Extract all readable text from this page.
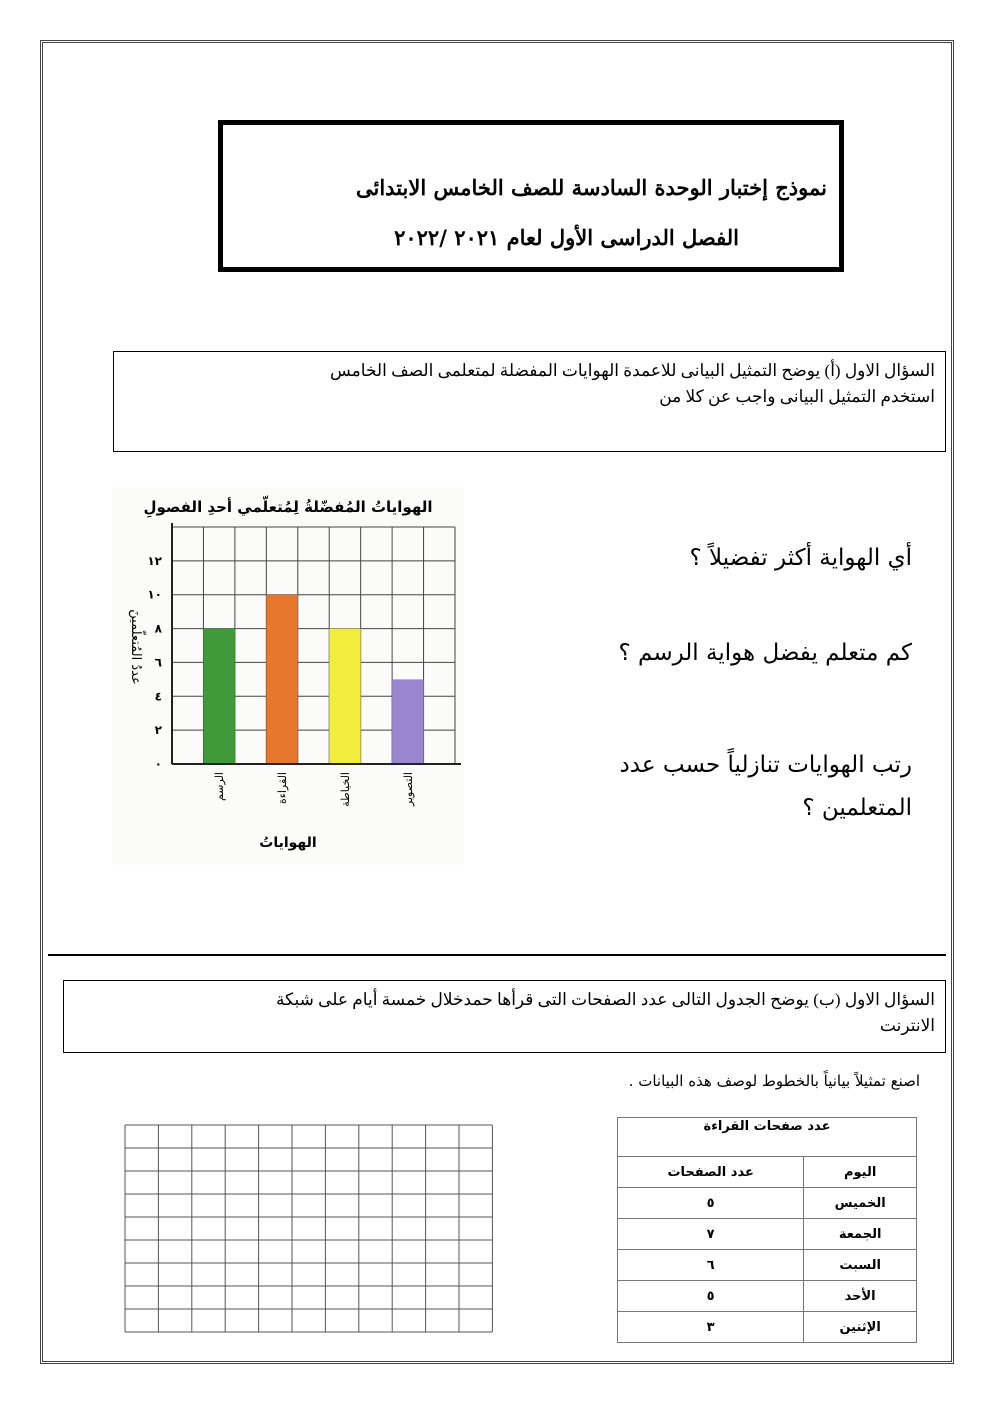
نموذج إختبار الوحدة السادسة للصف الخامس الابتدائى
الفصل الدراسى الأول لعام ٢٠٢١ /٢٠٢٢
السؤال الاول (أ) يوضح التمثيل البيانى للاعمدة الهوايات المفضلة لمتعلمى الصف الخامس
استخدم التمثيل البيانى واجب عن كلا من
الهواياتُ المُفضّلةُ لِمُتعلّمي أحدِ الفصولِ
الرسم	القراءة	الخياطة	التصوير
٠
٢
٤
٦
٨
١٠
١٢
الهواياتُ
عددُ المُتعلّمينَ
أي الهواية أكثر تفضيلاً ؟
كم متعلم يفضل هواية الرسم ؟
رتب الهوايات تنازلياً حسب عدد
المتعلمين ؟
السؤال الاول (ب) يوضح الجدول التالى عدد الصفحات التى قرأها حمدخلال خمسة أيام على شبكة
الانترنت
اصنع تمثيلاً بيانياً بالخطوط لوصف هذه البيانات .
عدد صفحات القراءة	
اليوم	عدد الصفحات
الخميس	٥
الجمعة	٧
السبت	٦
الأحد	٥
الإثنين	٣
